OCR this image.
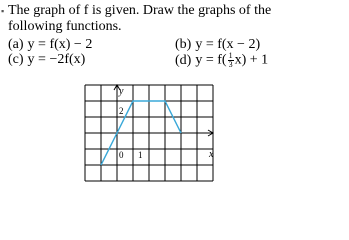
▪ The graph of f is given. Draw the graphs of the following functions.
(a) y = f(x) − 2	(b) y = f(x − 2)
(c) y = −2f(x)	(d) $y = f( \frac{1}{3} x) + 1$
y
x
2
0 1
